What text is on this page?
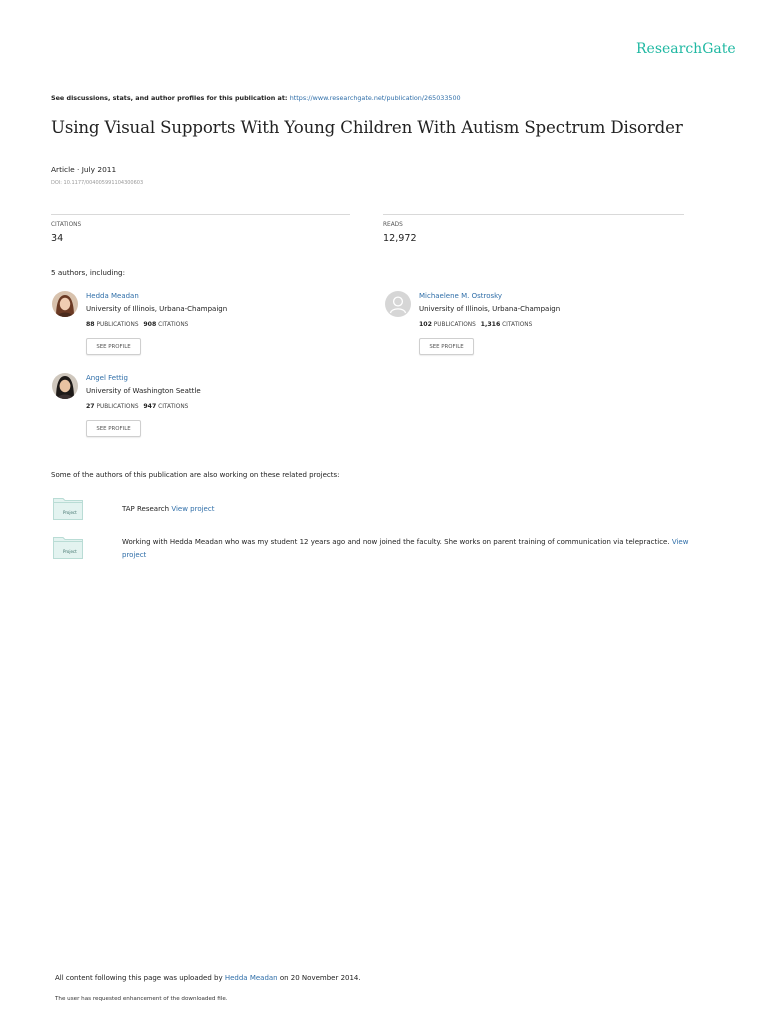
ResearchGate
See discussions, stats, and author profiles for this publication at: https://www.researchgate.net/publication/265033500
Using Visual Supports With Young Children With Autism Spectrum Disorder
Article · July 2011
DOI: 10.1177/004005991104300603
CITATIONS
34
READS
12,972
5 authors, including:
Hedda Meadan
University of Illinois, Urbana-Champaign
88 PUBLICATIONS 908 CITATIONS
SEE PROFILE
Michaelene M. Ostrosky
University of Illinois, Urbana-Champaign
102 PUBLICATIONS 1,316 CITATIONS
SEE PROFILE
Angel Fettig
University of Washington Seattle
27 PUBLICATIONS 947 CITATIONS
SEE PROFILE
Some of the authors of this publication are also working on these related projects:
Project	TAP Research View project
Project
Working with Hedda Meadan who was my student 12 years ago and now joined the faculty. She works on parent training of communication via telepractice. View
project
All content following this page was uploaded by Hedda Meadan on 20 November 2014.
The user has requested enhancement of the downloaded file.
